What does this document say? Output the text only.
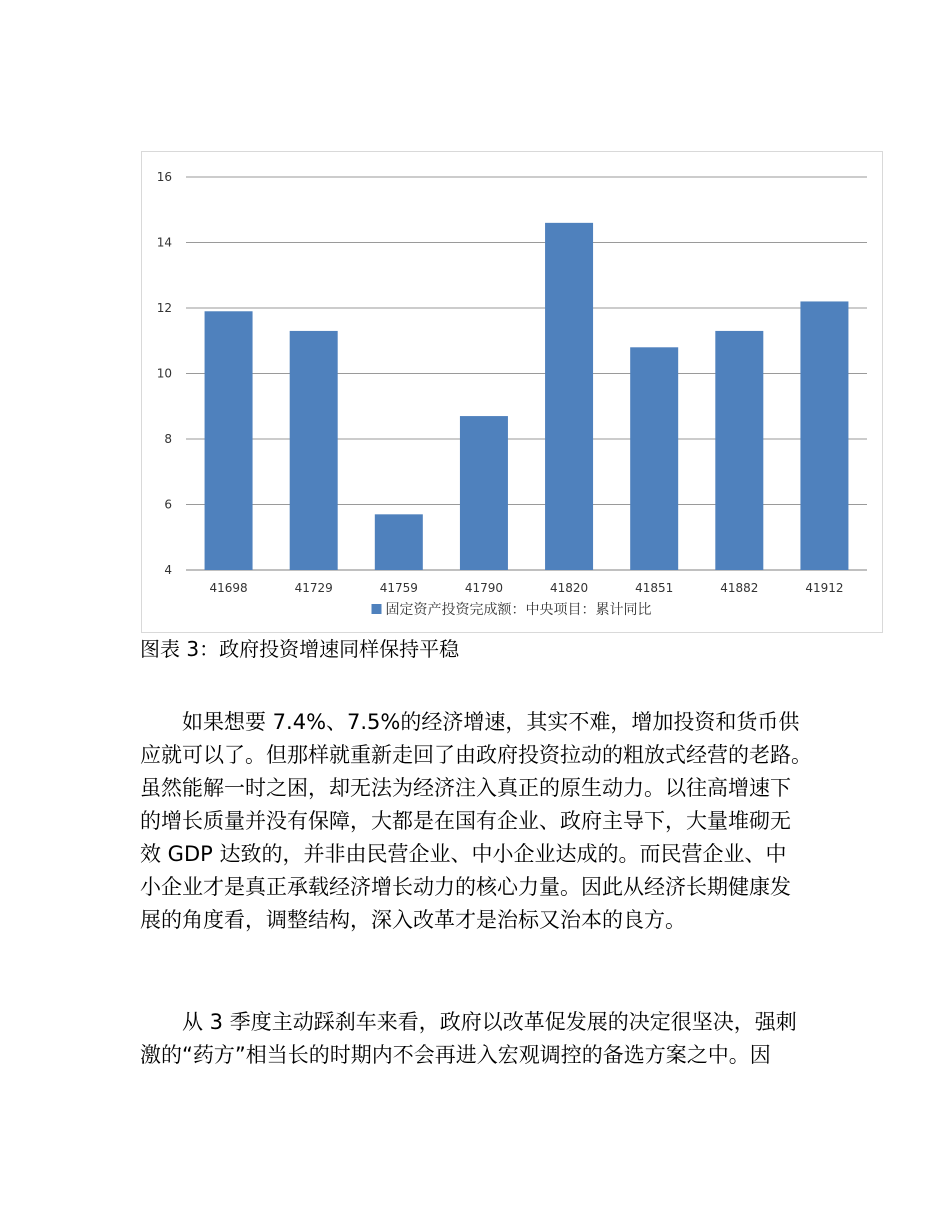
4
6
8
10
12
14
16
41698	41729	41759	41790	41820	41851	41882	41912
固定资产投资完成额：中央项目：累计同比
图表 3：政府投资增速同样保持平稳

　　如果想要 7.4%、7.5%的经济增速，其实不难，增加投资和货币供
应就可以了。但那样就重新走回了由政府投资拉动的粗放式经营的老路。
虽然能解一时之困，却无法为经济注入真正的原生动力。以往高增速下
的增长质量并没有保障，大都是在国有企业、政府主导下，大量堆砌无
效 GDP 达致的，并非由民营企业、中小企业达成的。而民营企业、中
小企业才是真正承载经济增长动力的核心力量。因此从经济长期健康发
展的角度看，调整结构，深入改革才是治标又治本的良方。

　　从 3 季度主动踩刹车来看，政府以改革促发展的决定很坚决，强刺
激的“药方”相当长的时期内不会再进入宏观调控的备选方案之中。因
